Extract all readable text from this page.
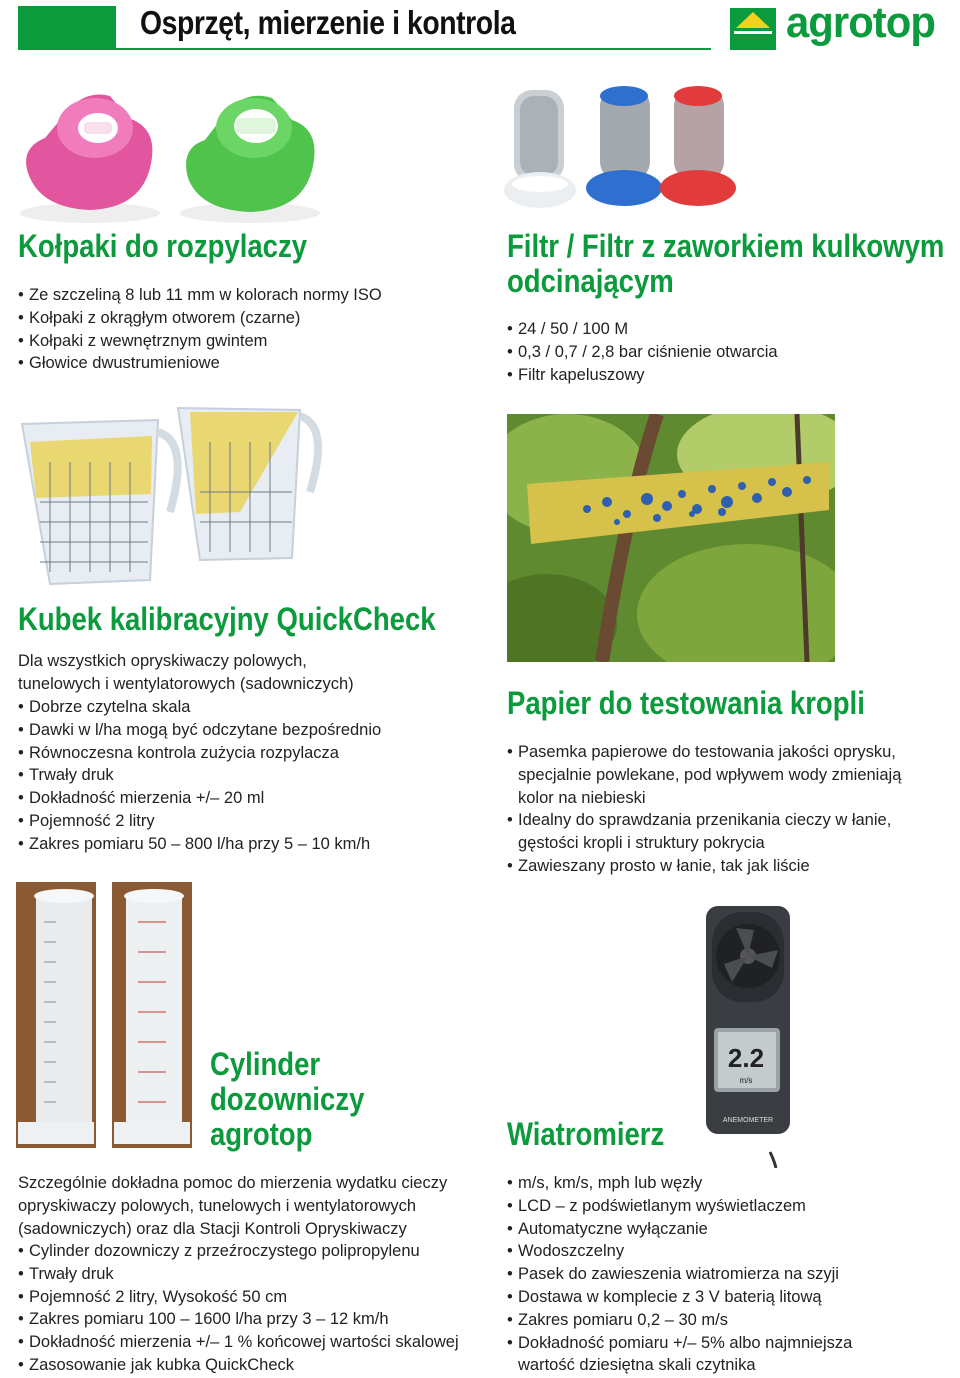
Osprzęt, mierzenie i kontrola	agrotop
Kołpaki do rozpylaczy
• Ze szczeliną 8 lub 11 mm w kolorach normy ISO
• Kołpaki z okrągłym otworem (czarne)
• Kołpaki z wewnętrznym gwintem
• Głowice dwustrumieniowe
Filtr / Filtr z zaworkiem kulkowym
odcinającym
• 24 / 50 / 100 M
• 0,3 / 0,7 / 2,8 bar ciśnienie otwarcia
• Filtr kapeluszowy
Kubek kalibracyjny QuickCheck
Dla wszystkich opryskiwaczy polowych,
tunelowych i wentylatorowych (sadowniczych)
• Dobrze czytelna skala
• Dawki w l/ha mogą być odczytane bezpośrednio
• Równoczesna kontrola zużycia rozpylacza
• Trwały druk
• Dokładność mierzenia +/– 20 ml
• Pojemność 2 litry
• Zakres pomiaru 50 – 800 l/ha przy 5 – 10 km/h
Papier do testowania kropli
• Pasemka papierowe do testowania jakości oprysku, specjalnie powlekane, pod wpływem wody zmieniają kolor na niebieski
• Idealny do sprawdzania przenikania cieczy w łanie, gęstości kropli i struktury pokrycia
• Zawieszany prosto w łanie, tak jak liście
Cylinder
dozowniczy
agrotop
2.2
m/s
ANEMOMETER
Wiatromierz
Szczególnie dokładna pomoc do mierzenia wydatku cieczy
opryskiwaczy polowych, tunelowych i wentylatorowych
(sadowniczych) oraz dla Stacji Kontroli Opryskiwaczy
• Cylinder dozowniczy z przeźroczystego polipropylenu
• Trwały druk
• Pojemność 2 litry, Wysokość 50 cm
• Zakres pomiaru 100 – 1600 l/ha przy 3 – 12 km/h
• Dokładność mierzenia +/– 1 % końcowej wartości skalowej
• Zasosowanie jak kubka QuickCheck
• m/s, km/s, mph lub węzły
• LCD – z podświetlanym wyświetlaczem
• Automatyczne wyłączanie
• Wodoszczelny
• Pasek do zawieszenia wiatromierza na szyji
• Dostawa w komplecie z 3 V baterią litową
• Zakres pomiaru 0,2 – 30 m/s
• Dokładność pomiaru +/– 5% albo najmniejsza wartość dziesiętna skali czytnika
